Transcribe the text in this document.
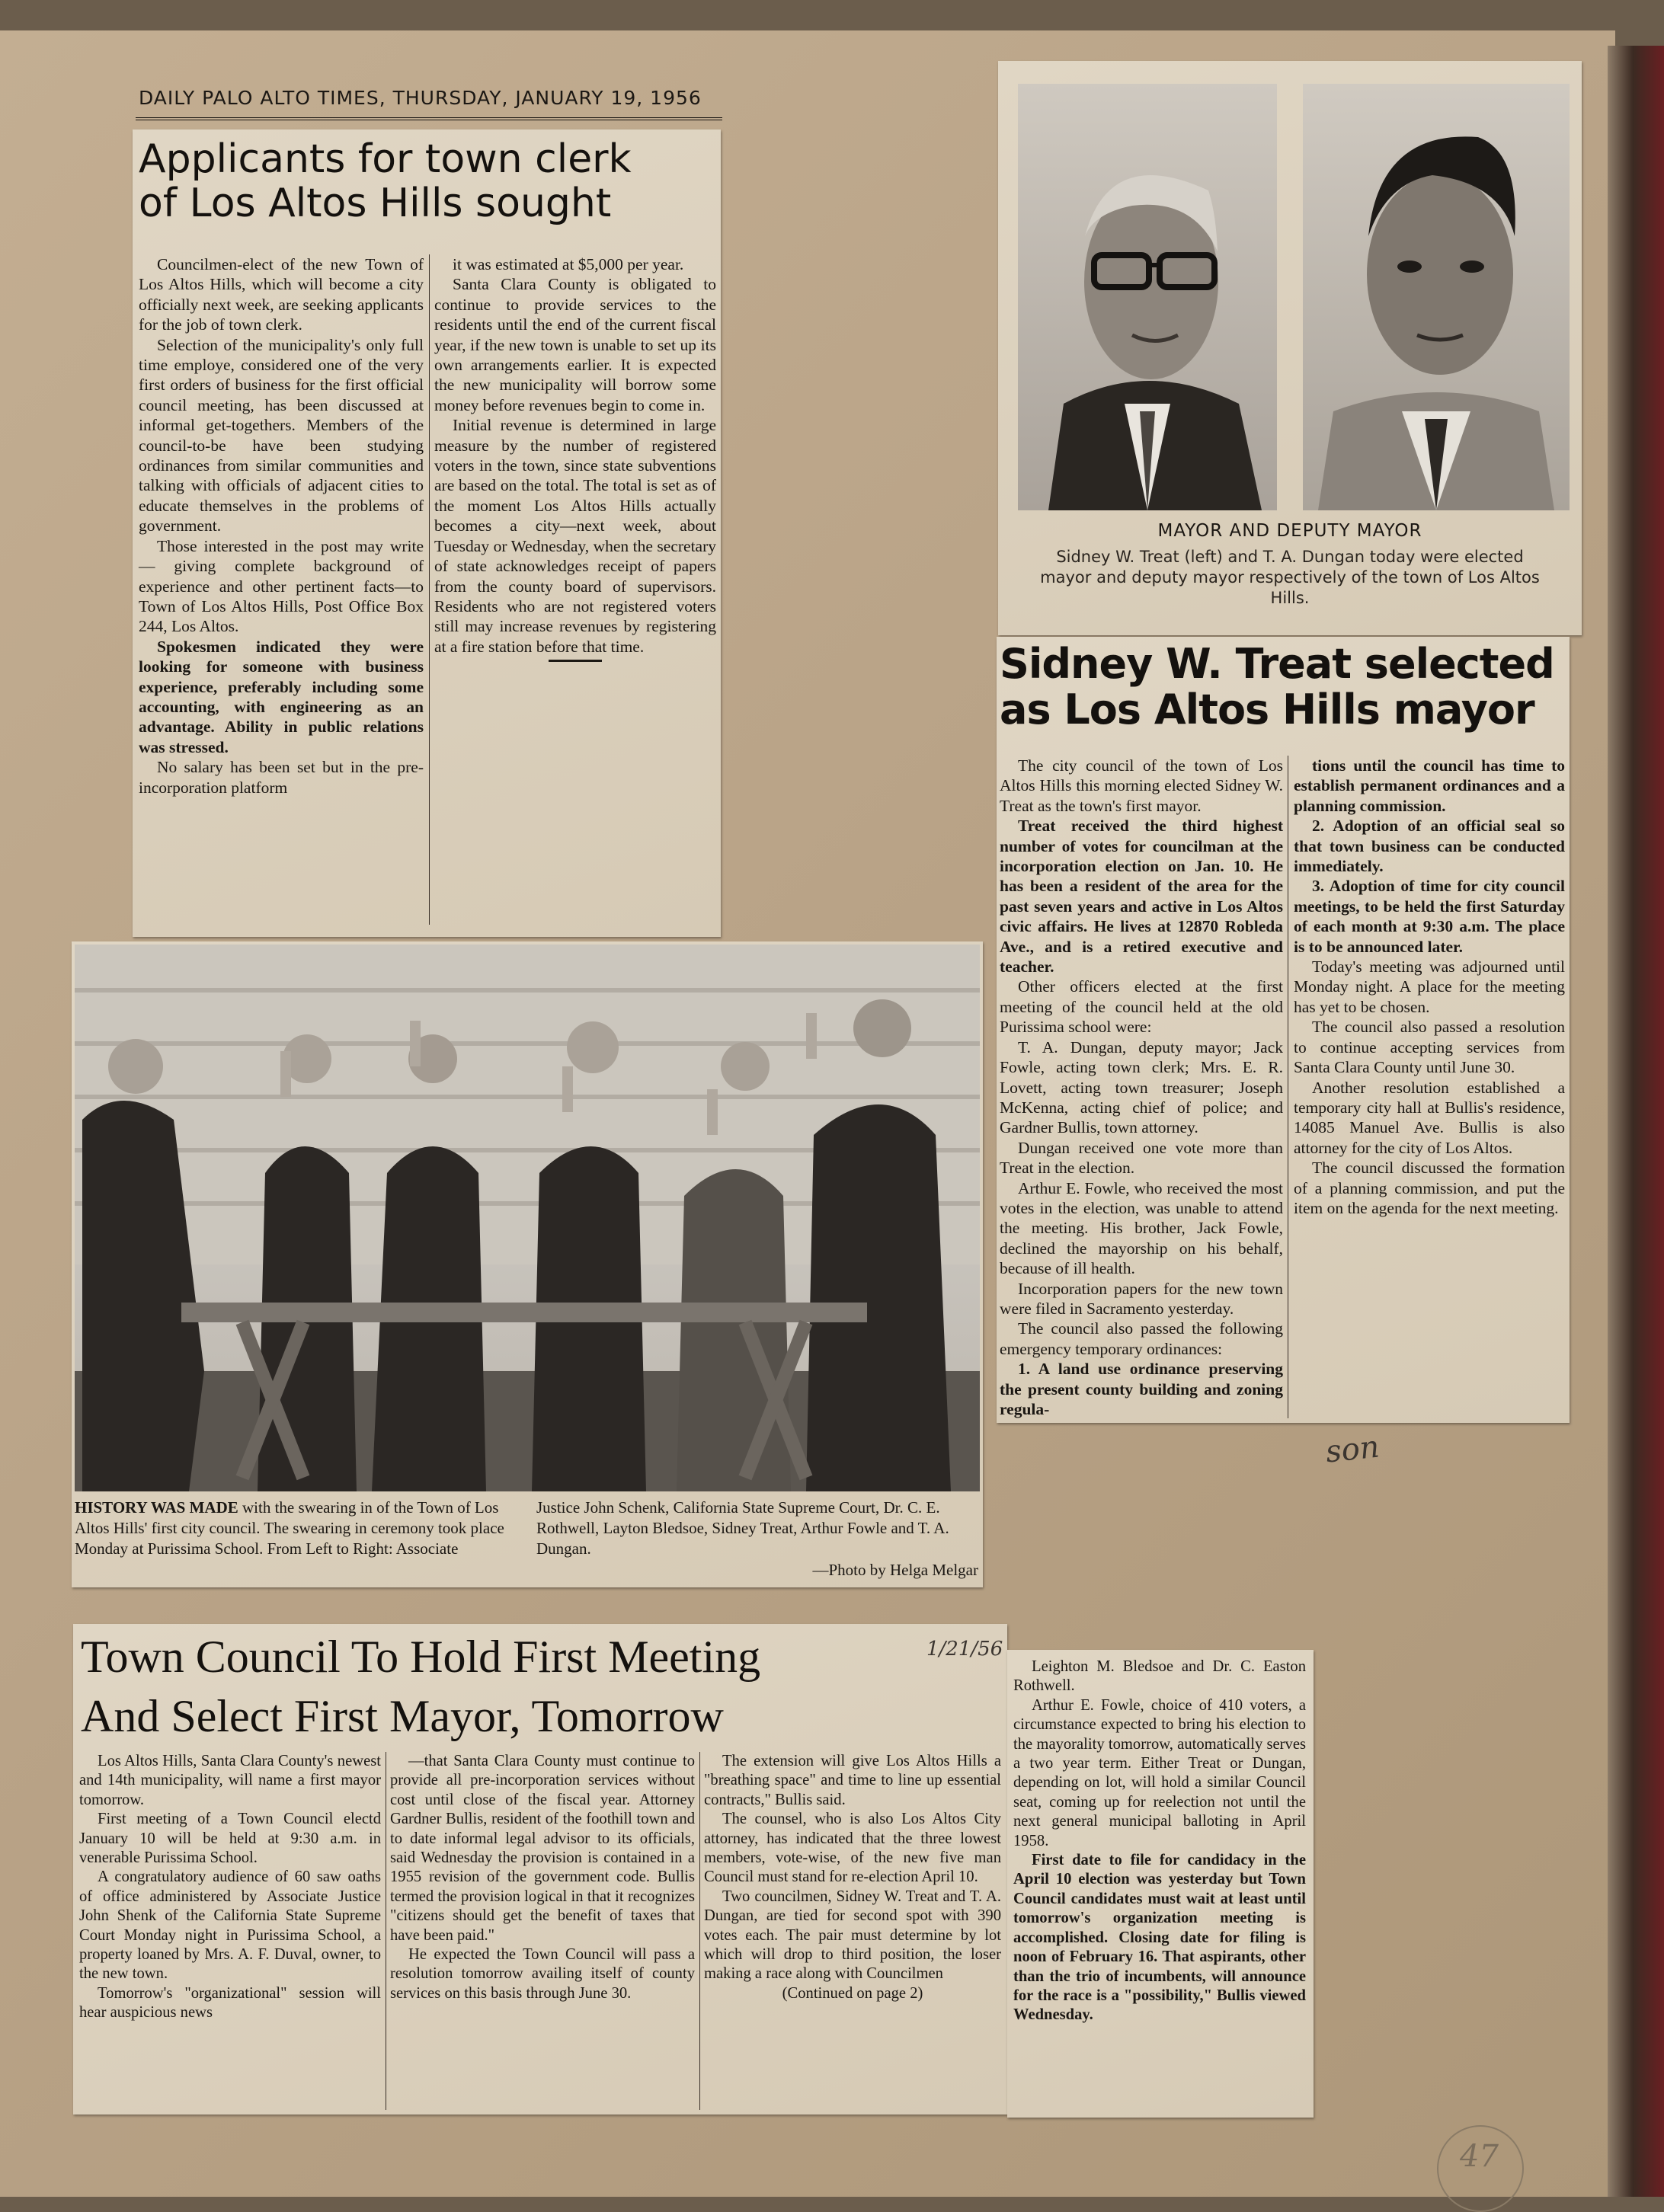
DAILY PALO ALTO TIMES, THURSDAY, JANUARY 19, 1956
Applicants for town clerk
of Los Altos Hills sought

Councilmen-elect of the new Town of Los Altos Hills, which will become a city officially next week, are seeking applicants for the job of town clerk.

Selection of the municipality's only full time employe, considered one of the very first orders of business for the first official council meeting, has been discussed at informal get-togethers. Members of the council-to-be have been studying ordinances from similar communities and talking with officials of adjacent cities to educate themselves in the problems of government.

Those interested in the post may write — giving complete background of experience and other pertinent facts—to Town of Los Altos Hills, Post Office Box 244, Los Altos.

Spokesmen indicated they were looking for someone with business experience, preferably including some accounting, with engineering as an advantage. Ability in public relations was stressed.

No salary has been set but in the pre-incorporation platform

it was estimated at $5,000 per year.

Santa Clara County is obligated to continue to provide services to the residents until the end of the current fiscal year, if the new town is unable to set up its own arrangements earlier. It is expected the new municipality will borrow some money before revenues begin to come in.

Initial revenue is determined in large measure by the number of registered voters in the town, since state subventions are based on the total. The total is set as of the moment Los Altos Hills actually becomes a city—next week, about Tuesday or Wednesday, when the secretary of state acknowledges receipt of papers from the county board of supervisors. Residents who are not registered voters still may increase revenues by registering at a fire station before that time.

MAYOR AND DEPUTY MAYOR
Sidney W. Treat (left) and T. A. Dungan today were elected mayor and deputy mayor respectively of the town of Los Altos Hills.
Sidney W. Treat selected
as Los Altos Hills mayor

The city council of the town of Los Altos Hills this morning elected Sidney W. Treat as the town's first mayor.

Treat received the third highest number of votes for councilman at the incorporation election on Jan. 10. He has been a resident of the area for the past seven years and active in Los Altos civic affairs. He lives at 12870 Robleda Ave., and is a retired executive and teacher.

Other officers elected at the first meeting of the council held at the old Purissima school were:

T. A. Dungan, deputy mayor; Jack Fowle, acting town clerk; Mrs. E. R. Lovett, acting town treasurer; Joseph McKenna, acting chief of police; and Gardner Bullis, town attorney.

Dungan received one vote more than Treat in the election.

Arthur E. Fowle, who received the most votes in the election, was unable to attend the meeting. His brother, Jack Fowle, declined the mayorship on his behalf, because of ill health.

Incorporation papers for the new town were filed in Sacramento yesterday.

The council also passed the following emergency temporary ordinances:

1. A land use ordinance preserving the present county building and zoning regula-

tions until the council has time to establish permanent ordinances and a planning commission.

2. Adoption of an official seal so that town business can be conducted immediately.

3. Adoption of time for city council meetings, to be held the first Saturday of each month at 9:30 a.m. The place is to be announced later.

Today's meeting was adjourned until Monday night. A place for the meeting has yet to be chosen.

The council also passed a resolution to continue accepting services from Santa Clara County until June 30.

Another resolution established a temporary city hall at Bullis's residence, 14085 Manuel Ave. Bullis is also attorney for the city of Los Altos.

The council discussed the formation of a planning commission, and put the item on the agenda for the next meeting.

son
HISTORY WAS MADE with the swearing in of the Town of Los Altos Hills' first city council. The swearing in ceremony took place Monday at Purissima School. From Left to Right: Associate
Justice John Schenk, California State Supreme Court, Dr. C. E. Rothwell, Layton Bledsoe, Sidney Treat, Arthur Fowle and T. A. Dungan.
—Photo by Helga Melgar
Town Council To Hold First Meeting
And Select First Mayor, Tomorrow
1/21/56

Los Altos Hills, Santa Clara County's newest and 14th municipality, will name a first mayor tomorrow.

First meeting of a Town Council electd January 10 will be held at 9:30 a.m. in venerable Purissima School.

A congratulatory audience of 60 saw oaths of office administered by Associate Justice John Shenk of the California State Supreme Court Monday night in Purissima School, a property loaned by Mrs. A. F. Duval, owner, to the new town.

Tomorrow's "organizational" session will hear auspicious news

—that Santa Clara County must continue to provide all pre-incorporation services without cost until close of the fiscal year. Attorney Gardner Bullis, resident of the foothill town and to date informal legal advisor to its officials, said Wednesday the provision is contained in a 1955 revision of the government code. Bullis termed the provision logical in that it recognizes "citizens should get the benefit of taxes that have been paid."

He expected the Town Council will pass a resolution tomorrow availing itself of county services on this basis through June 30.

The extension will give Los Altos Hills a "breathing space" and time to line up essential contracts," Bullis said.

The counsel, who is also Los Altos City attorney, has indicated that the three lowest members, vote-wise, of the new five man Council must stand for re-election April 10.

Two councilmen, Sidney W. Treat and T. A. Dungan, are tied for second spot with 390 votes each. The pair must determine by lot which will drop to third position, the loser making a race along with Councilmen

(Continued on page 2)

Leighton M. Bledsoe and Dr. C. Easton Rothwell.

Arthur E. Fowle, choice of 410 voters, a circumstance expected to bring his election to the mayorality tomorrow, automatically serves a two year term. Either Treat or Dungan, depending on lot, will hold a similar Council seat, coming up for reelection not until the next general municipal balloting in April 1958.

First date to file for candidacy in the April 10 election was yesterday but Town Council candidates must wait at least until tomorrow's organization meeting is accomplished. Closing date for filing is noon of February 16. That aspirants, other than the trio of incumbents, will announce for the race is a "possibility," Bullis viewed Wednesday.

47
